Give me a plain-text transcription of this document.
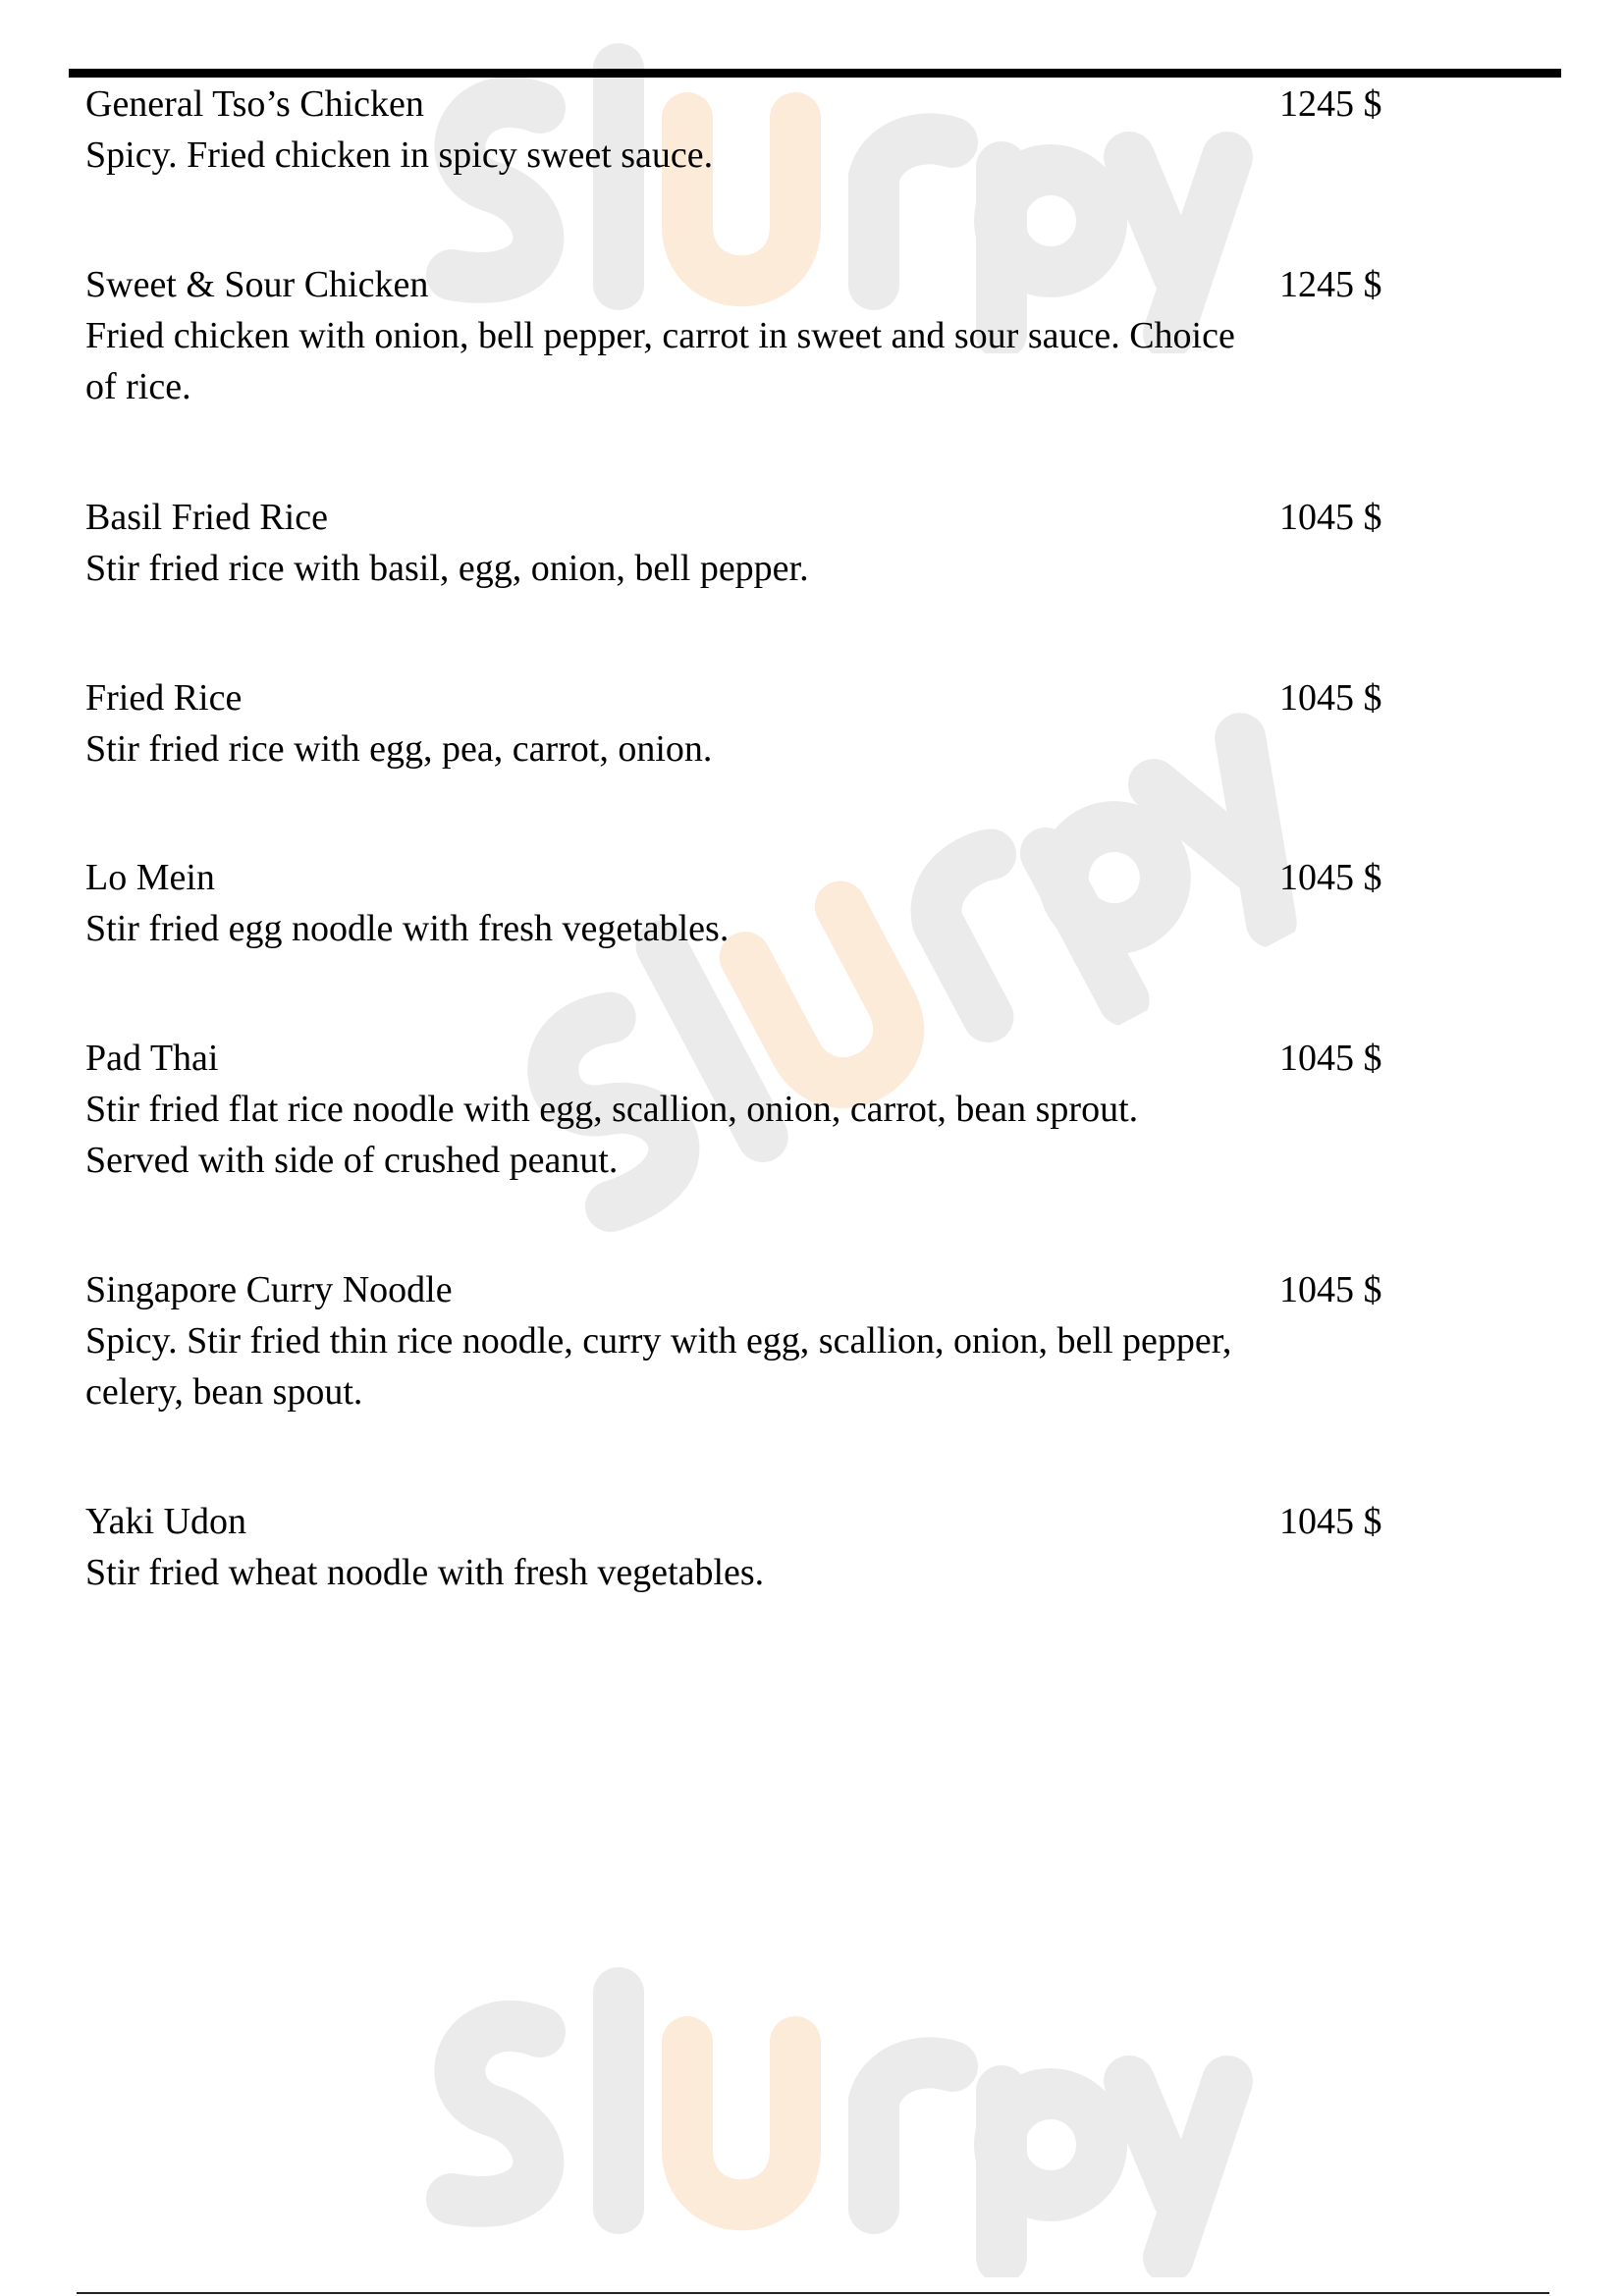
General Tso’s Chicken
Spicy. Fried chicken in spicy sweet sauce.
1245 $
Sweet & Sour Chicken
Fried chicken with onion, bell pepper, carrot in sweet and sour sauce. Choice of rice.
1245 $
Basil Fried Rice
Stir fried rice with basil, egg, onion, bell pepper.
1045 $
Fried Rice
Stir fried rice with egg, pea, carrot, onion.
1045 $
Lo Mein
Stir fried egg noodle with fresh vegetables.
1045 $
Pad Thai
Stir fried flat rice noodle with egg, scallion, onion, carrot, bean sprout. Served with side of crushed peanut.
1045 $
Singapore Curry Noodle
Spicy. Stir fried thin rice noodle, curry with egg, scallion, onion, bell pepper, celery, bean spout.
1045 $
Yaki Udon
Stir fried wheat noodle with fresh vegetables.
1045 $
